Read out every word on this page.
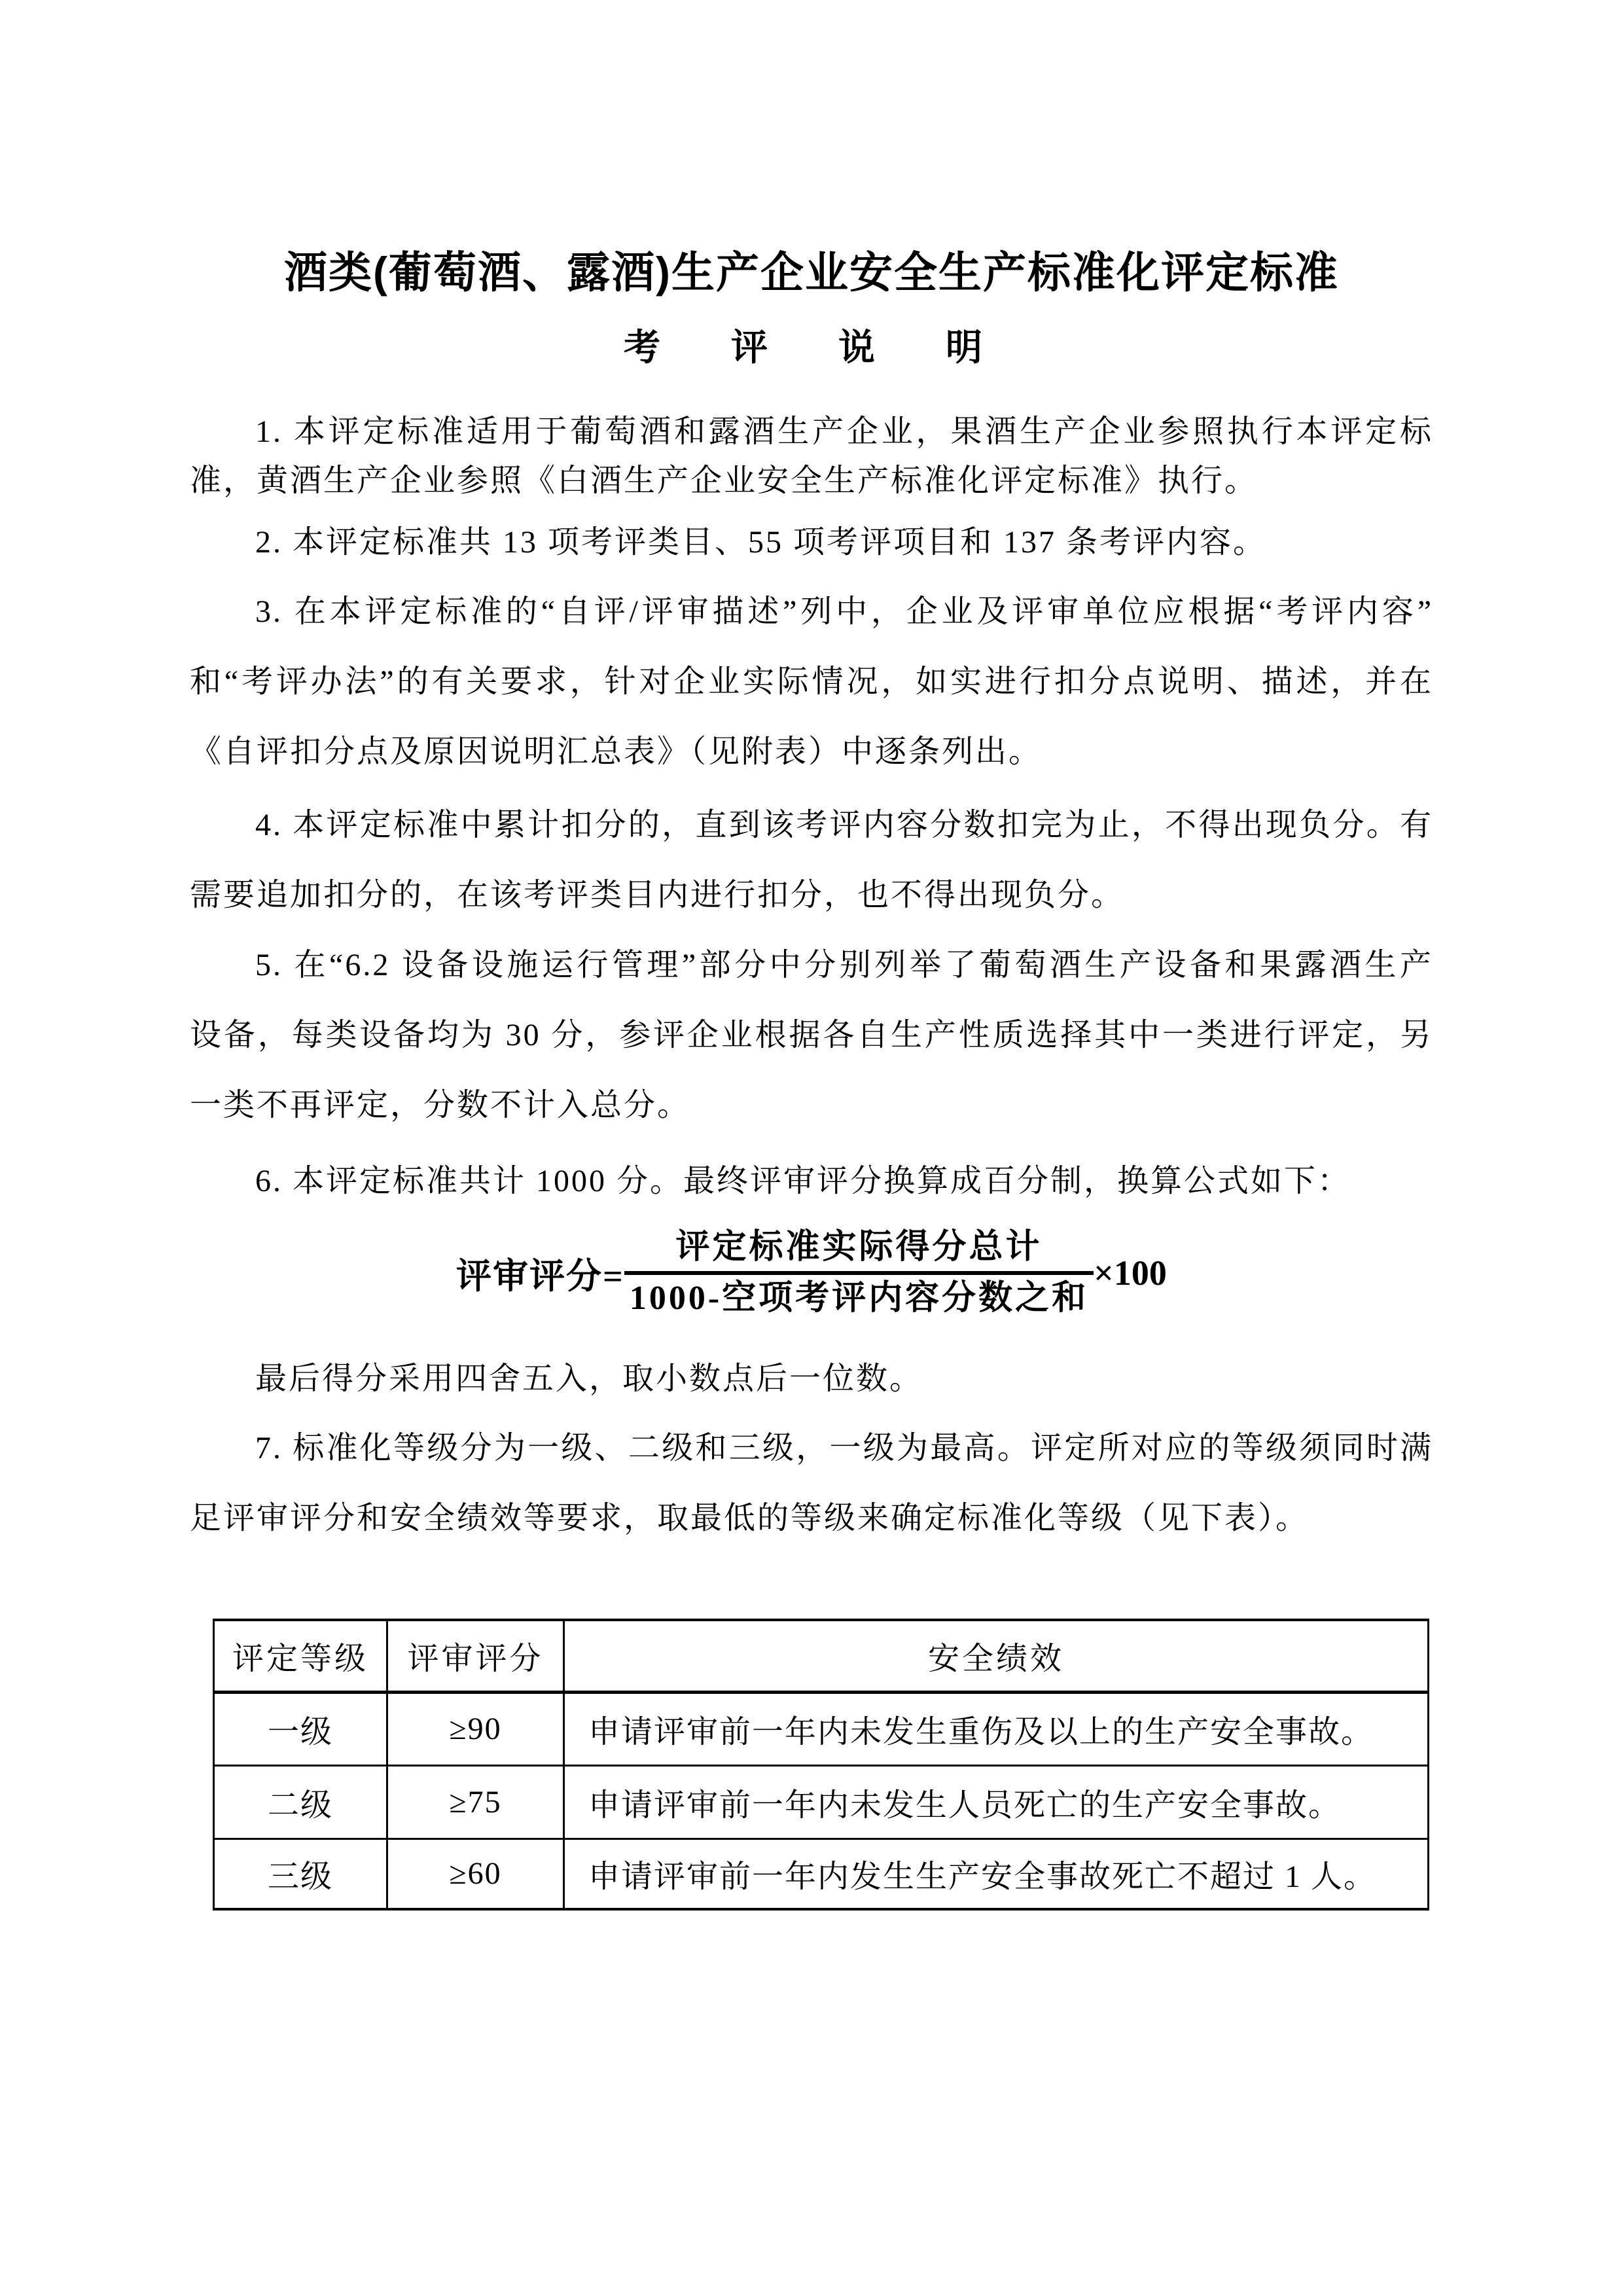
酒类(葡萄酒、露酒)生产企业安全生产标准化评定标准
考　评　说　明
1. 本评定标准适用于葡萄酒和露酒生产企业，果酒生产企业参照执行本评定标
准，黄酒生产企业参照《白酒生产企业安全生产标准化评定标准》执行。
2. 本评定标准共 13 项考评类目、55 项考评项目和 137 条考评内容。
3. 在本评定标准的“自评/评审描述”列中，企业及评审单位应根据“考评内容”
和“考评办法”的有关要求，针对企业实际情况，如实进行扣分点说明、描述，并在
《自评扣分点及原因说明汇总表》（见附表）中逐条列出。
4. 本评定标准中累计扣分的，直到该考评内容分数扣完为止，不得出现负分。有
需要追加扣分的，在该考评类目内进行扣分，也不得出现负分。
5. 在“6.2 设备设施运行管理”部分中分别列举了葡萄酒生产设备和果露酒生产
设备，每类设备均为 30 分，参评企业根据各自生产性质选择其中一类进行评定，另
一类不再评定，分数不计入总分。
6. 本评定标准共计 1000 分。最终评审评分换算成百分制，换算公式如下：
评审评分=
评定标准实际得分总计
1000-空项考评内容分数之和
×100
最后得分采用四舍五入，取小数点后一位数。
7. 标准化等级分为一级、二级和三级，一级为最高。评定所对应的等级须同时满
足评审评分和安全绩效等要求，取最低的等级来确定标准化等级（见下表）。
评定等级	评审评分	安全绩效
一级	≥90	申请评审前一年内未发生重伤及以上的生产安全事故。
二级	≥75	申请评审前一年内未发生人员死亡的生产安全事故。
三级	≥60	申请评审前一年内发生生产安全事故死亡不超过 1 人。
